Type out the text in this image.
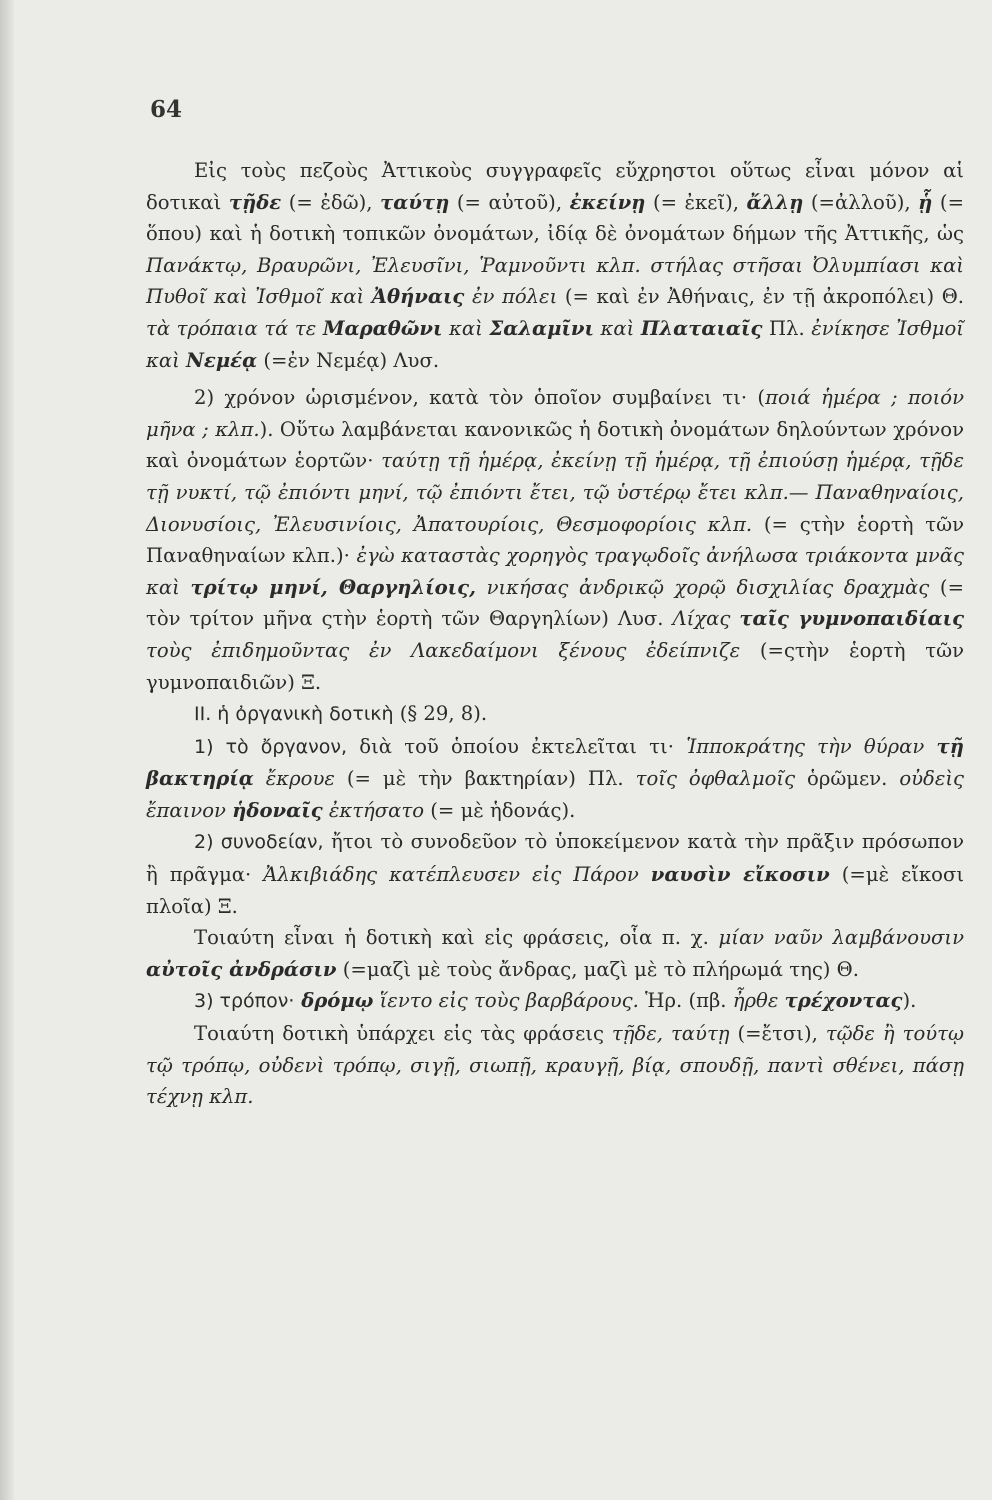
64

Εἰς τοὺς πεζοὺς Ἀττικοὺς συγγραφεῖς εὔχρηστοι οὕτως εἶναι μόνον αἱ δοτικαὶ τῇδε (= ἐδῶ), ταύτῃ (= αὐτοῦ), ἐκείνῃ (= ἐκεῖ), ἄλλῃ (=ἀλλοῦ), ᾗ (= ὅπου) καὶ ἡ δοτικὴ τοπικῶν ὀνομάτων, ἰδίᾳ δὲ ὀνομάτων δήμων τῆς Ἀττικῆς, ὡς Πανάκτῳ, Βραυρῶνι, Ἐλευσῖνι, Ῥαμνοῦντι κλπ. στήλας στῆσαι Ὀλυμπίασι καὶ Πυθοῖ καὶ Ἰσθμοῖ καὶ Ἀθήναις ἐν πόλει (= καὶ ἐν Ἀθήναις, ἐν τῇ ἀκροπόλει) Θ. τὰ τρόπαια τά τε Μαραθῶνι καὶ Σαλαμῖνι καὶ Πλαταιαῖς Πλ. ἐνίκησε Ἰσθμοῖ καὶ Νεμέᾳ (=ἐν Νεμέᾳ) Λυσ.

2) χρόνον ὡρισμένον, κατὰ τὸν ὁποῖον συμβαίνει τι· (ποιά ἡμέρα ; ποιόν μῆνα ; κλπ.). Οὕτω λαμβάνεται κανονικῶς ἡ δοτικὴ ὀνομάτων δηλούντων χρόνον καὶ ὀνομάτων ἑορτῶν· ταύτῃ τῇ ἡμέρᾳ, ἐκείνῃ τῇ ἡμέρᾳ, τῇ ἐπιούσῃ ἡμέρᾳ, τῇδε τῇ νυκτί, τῷ ἐπιόντι μηνί, τῷ ἐπιόντι ἔτει, τῷ ὑστέρῳ ἔτει κλπ.— Παναθηναίοις, Διονυσίοις, Ἐλευσινίοις, Ἀπατουρίοις, Θεσμοφορίοις κλπ. (= ςτὴν ἑορτὴ τῶν Παναθηναίων κλπ.)· ἐγὼ καταστὰς χορηγὸς τραγῳδοῖς ἀνήλωσα τριάκοντα μνᾶς καὶ τρίτῳ μηνί, Θαργηλίοις, νικήσας ἀνδρικῷ χορῷ δισχιλίας δραχμὰς (= τὸν τρίτον μῆνα ςτὴν ἑορτὴ τῶν Θαργηλίων) Λυσ. Λίχας ταῖς γυμνοπαιδίαις τοὺς ἐπιδημοῦντας ἐν Λακεδαίμονι ξένους ἐδείπνιζε (=ςτὴν ἑορτὴ τῶν γυμνοπαιδιῶν) Ξ.

ΙΙ. ἡ ὀργανικὴ δοτικὴ (§ 29, 8).

1) τὸ ὄργανον, διὰ τοῦ ὁποίου ἐκτελεῖται τι· Ἱπποκράτης τὴν θύραν τῇ βακτηρίᾳ ἔκρουε (= μὲ τὴν βακτηρίαν) Πλ. τοῖς ὀφθαλμοῖς ὁρῶμεν. οὐδεὶς ἔπαινον ἡδοναῖς ἐκτήσατο (= μὲ ἡδονάς).

2) συνοδείαν, ἤτοι τὸ συνοδεῦον τὸ ὑποκείμενον κατὰ τὴν πρᾶξιν πρόσωπον ἢ πρᾶγμα· Ἀλκιβιάδης κατέπλευσεν εἰς Πάρον ναυσὶν εἴκοσιν (=μὲ εἴκοσι πλοῖα) Ξ.

Τοιαύτη εἶναι ἡ δοτικὴ καὶ εἰς φράσεις, οἷα π. χ. μίαν ναῦν λαμβάνουσιν αὐτοῖς ἀνδράσιν (=μαζὶ μὲ τοὺς ἄνδρας, μαζὶ μὲ τὸ πλήρωμά της) Θ.

3) τρόπον· δρόμῳ ἵεντο εἰς τοὺς βαρβάρους. Ἡρ. (πβ. ἦρθε τρέχοντας).

Τοιαύτη δοτικὴ ὑπάρχει εἰς τὰς φράσεις τῇδε, ταύτῃ (=ἔτσι), τῷδε ἢ τούτῳ τῷ τρόπῳ, οὐδενὶ τρόπῳ, σιγῇ, σιωπῇ, κραυγῇ, βίᾳ, σπουδῇ, παντὶ σθένει, πάσῃ τέχνῃ κλπ.
